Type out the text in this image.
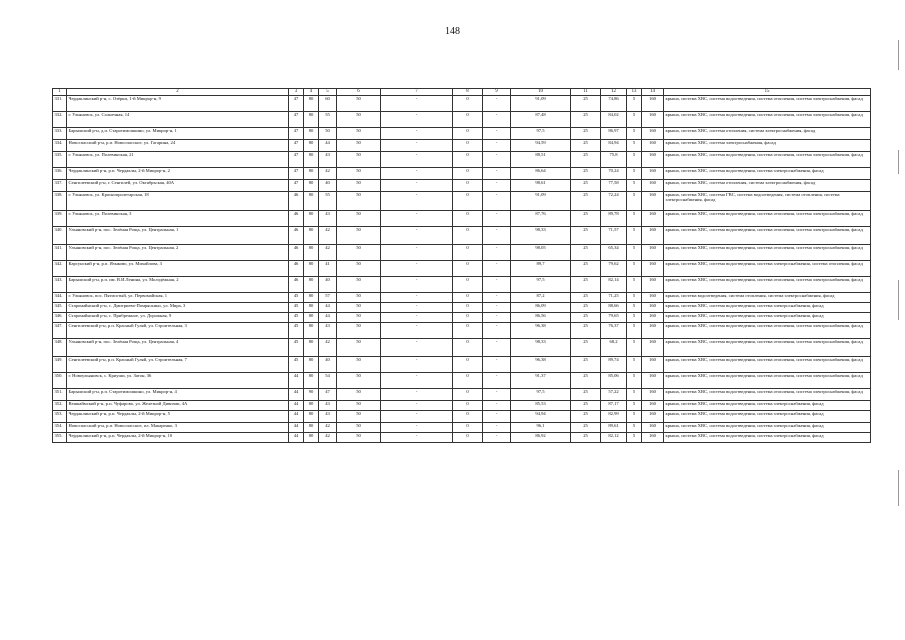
148
1	2	3	4	5	6	7	8	9	10	11	12	13	14	15
331.	Чердаклинский р-н, с. Озёрки, 1-й Микрор-н, 9	47	80	60	50	-	0	-	91,09	25	74,86	5	160	крыша, система ХВС, система водоотведения, система отопления, система электроснабжения, фасад
332.	г. Ульяновск, ул. Солнечная, 14	47	80	55	50	-	0	-	87,48	25	84,02	5	160	крыша, система ХВС, система водоотведения, система отопления, система электроснабжения, фасад
333.	Барышский р-н, д.п. Старотимошкино, ул. Микрор-н, 1	47	80	50	50	-	0	-	97,5	25	86,97	5	160	крыша, система ХВС, система отопления, система электроснабжения, фасад
334.	Новоспасский р-н, р.п. Новоспасское, ул. Гагарина, 24	47	80	44	50	-	0	-	94,59	25	84,94	5	160	крыша, система ХВС, система электроснабжения, фасад
335.	г. Ульяновск, ул. Полевинская, 21	47	80	43	50	-	0	-	88,51	25	75,8	5	160	крыша, система ХВС, система водоотведения, система отопления, система электроснабжения, фасад
336.	Чердаклинский р-н, р.п. Чердаклы, 2-й Микрор-н, 2	47	80	42	50	-	0	-	86,64	25	70,24	5	160	крыша, система ХВС, система водоотведения, система электроснабжения, фасад
337.	Сенгилеевский р-н, г. Сенгилей, ул. Октябрьская, 40А	47	80	40	50	-	0	-	98,61	25	77,58	5	160	крыша, система ХВС, система отопления, система электроснабжения, фасад
338.	г. Ульяновск, ул. Краснопролетарская, 18	46	80	55	50	-	0	-	91,09	25	72,24	5	160	крыша, система ХВС, система ГВС, система водоотведения, система отопления, система электроснабжения, фасад
339.	г. Ульяновск, ул. Полевинская, 3	46	80	43	50	-	0	-	87,76	25	89,78	5	160	крыша, система ХВС, система водоотведения, система отопления, система электроснабжения, фасад
340.	Ульяновский р-н, пос. Зелёная Роща, ул. Центральная, 1	46	80	42	50	-	0	-	98,33	25	71,57	5	160	крыша, система ХВС, система водоотведения, система отопления, система электроснабжения, фасад
341.	Ульяновский р-н, пос. Зелёная Роща, ул. Центральная, 2	46	80	42	50	-	0	-	98,05	25	65,34	5	160	крыша, система ХВС, система водоотведения, система отопления, система электроснабжения, фасад
342.	Карсунский р-н, р.п. Языково, ул. Михайлова, 3	46	80	41	50	-	0	-	89,7	25	79,62	5	160	крыша, система ХВС, система водоотведения, система электроснабжения, система отопления, фасад
343.	Барышский р-н, р.п. им. В.И.Ленина, ул. Молодёжная, 2	46	80	40	50	-	0	-	97,5	25	82,14	5	160	крыша, система ХВС, система водоотведения, система отопления, система электроснабжения, фасад
344.	г. Ульяновск, пос. Пятисотый, ул. Первомайская, 1	45	80	57	50	-	0	-	87,2	25	71,25	5	160	крыша, система водоотведения, система отопления, система электроснабжения, фасад
345.	Старомайнский р-н, с. Дмитриево-Помряскино, ул. Мира, 3	45	80	44	50	-	0	-	86,09	25	88,66	5	160	крыша, система ХВС, система водоотведения, система электроснабжения, фасад
346.	Старомайнский р-н, с. Прибрежное, ул. Дорожная, 9	45	80	44	50	-	0	-	86,56	25	79,65	5	160	крыша, система ХВС, система водоотведения, система электроснабжения, фасад
347.	Сенгилеевский р-н, р.п. Красный Гуляй, ул. Строительная, 3	45	80	43	50	-	0	-	96,38	25	76,37	5	160	крыша, система ХВС, система водоотведения, система отопления, система электроснабжения, фасад
348.	Ульяновский р-н, пос. Зелёная Роща, ул. Центральная, 4	45	80	42	50	-	0	-	98,33	25	68,2	5	160	крыша, система ХВС, система водоотведения, система отопления, система электроснабжения, фасад
349.	Сенгилеевский р-н, р.п. Красный Гуляй, ул. Строительная, 7	45	80	40	50	-	0	-	96,38	25	89,74	5	160	крыша, система ХВС, система водоотведения, система отопления, система электроснабжения, фасад
350.	г. Новоульяновск, с. Криуши, ул. Затон, 36	44	80	54	50	-	0	-	91,37	25	85,06	5	160	крыша, система ХВС, система водоотведения, система отопления, система электроснабжения, фасад
351.	Барышский р-н, р.п. Старотимошкино, ул. Микрор-н, 4	44	90	47	50	-	0	-	97,5	25	57,22	5	160	крыша, система ХВС, система водоотведения, система отопления, система электроснабжения, фасад
352.	Вешкаймский р-н, р.п. Чуфарово, ул. Железной Дивизии, 4А	44	80	43	50	-	0	-	85,53	25	87,17	5	160	крыша, система ХВС, система водоотведения, система электроснабжения, фасад
353.	Чердаклинский р-н, р.п. Чердаклы, 2-й Микрор-н, 5	44	80	43	50	-	0	-	94,94	25	82,99	5	160	крыша, система ХВС, система водоотведения, система электроснабжения, фасад
354.	Новоспасский р-н, р.п. Новоспасское, пл. Макаренко, 3	44	80	42	50	-	0	-	96,1	25	89,61	5	160	крыша, система ХВС, система водоотведения, система электроснабжения, фасад
355.	Чердаклинский р-н, р.п. Чердаклы, 2-й Микрор-н, 10	44	80	42	50	-	0	-	86,92	25	82,12	5	160	крыша, система ХВС, система водоотведения, система электроснабжения, фасад
